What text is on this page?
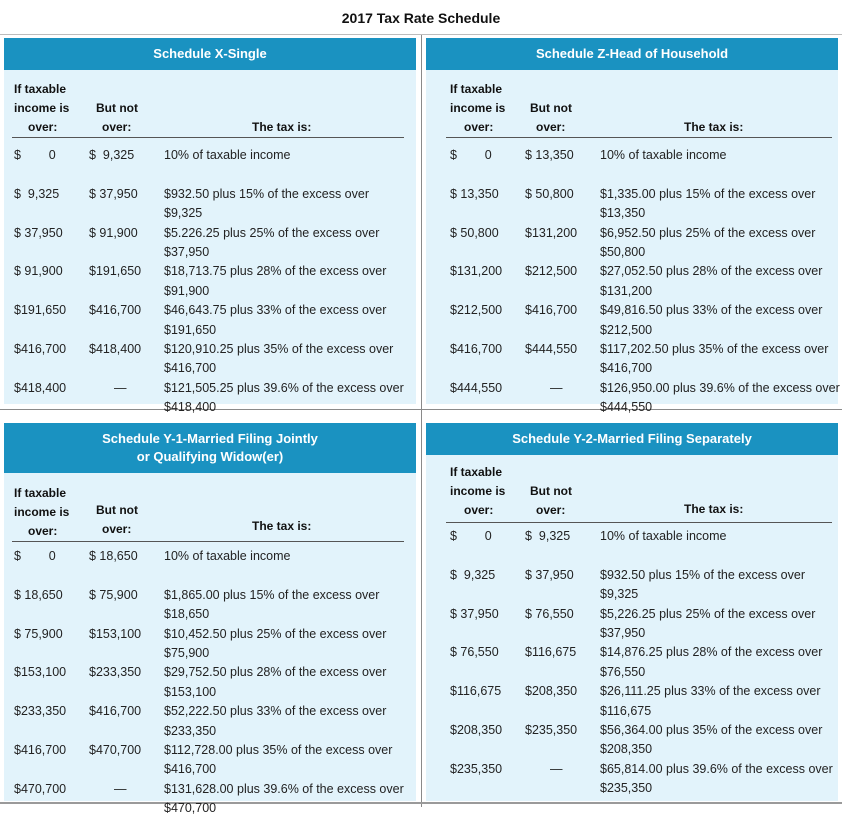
2017 Tax Rate Schedule
Schedule X-Single
If taxable
income is
over:
But not
over:	The tax is:
$        0	$  9,325 10% of taxable income
$  9,325 $ 37,950 $932.50 plus 15% of the excess over $9,325
$ 37,950 $ 91,900 $5.226.25 plus 25% of the excess over $37,950
$ 91,900 $191,650 $18,713.75 plus 28% of the excess over $91,900
$191,650 $416,700 $46,643.75 plus 33% of the excess over $191,650
$416,700 $418,400 $120,910.25 plus 35% of the excess over $416,700
$418,400	—	$121,505.25 plus 39.6% of the excess over $418,400
Schedule Z-Head of Household
If taxable
income is
over:
But not
over:	The tax is:
$        0	$ 13,350 10% of taxable income
$ 13,350 $ 50,800 $1,335.00 plus 15% of the excess over $13,350
$ 50,800 $131,200 $6,952.50 plus 25% of the excess over $50,800
$131,200 $212,500 $27,052.50 plus 28% of the excess over $131,200
$212,500 $416,700 $49,816.50 plus 33% of the excess over $212,500
$416,700 $444,550 $117,202.50 plus 35% of the excess over $416,700
$444,550	—	$126,950.00 plus 39.6% of the excess over $444,550
Schedule Y-1-Married Filing Jointly
or Qualifying Widow(er)
If taxable
income is
over:
But not
over:	The tax is:
$        0	$ 18,650 10% of taxable income
$ 18,650 $ 75,900 $1,865.00 plus 15% of the excess over $18,650
$ 75,900 $153,100 $10,452.50 plus 25% of the excess over $75,900
$153,100 $233,350 $29,752.50 plus 28% of the excess over $153,100
$233,350 $416,700 $52,222.50 plus 33% of the excess over $233,350
$416,700 $470,700 $112,728.00 plus 35% of the excess over $416,700
$470,700	—	$131,628.00 plus 39.6% of the excess over $470,700
Schedule Y-2-Married Filing Separately
If taxable
income is
over:
But not
over:	The tax is:
$        0	$  9,325 10% of taxable income
$  9,325 $ 37,950 $932.50 plus 15% of the excess over $9,325
$ 37,950 $ 76,550 $5,226.25 plus 25% of the excess over $37,950
$ 76,550 $116,675 $14,876.25 plus 28% of the excess over $76,550
$116,675 $208,350 $26,111.25 plus 33% of the excess over $116,675
$208,350 $235,350 $56,364.00 plus 35% of the excess over $208,350
$235,350	—	$65,814.00 plus 39.6% of the excess over $235,350
